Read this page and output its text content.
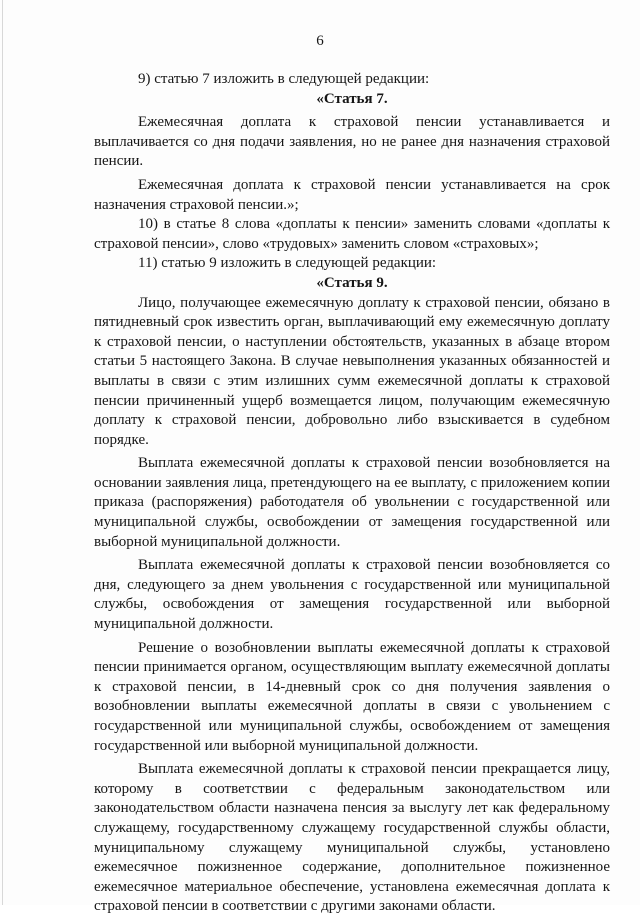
6

9) статью 7 изложить в следующей редакции:

«Статья 7.

Ежемесячная доплата к страховой пенсии устанавливается и выплачивается со дня подачи заявления, но не ранее дня назначения страховой пенсии.

Ежемесячная доплата к страховой пенсии устанавливается на срок назначения страховой пенсии.»;

10) в статье 8 слова «доплаты к пенсии» заменить словами «доплаты к страховой пенсии», слово «трудовых» заменить словом «страховых»;

11) статью 9 изложить в следующей редакции:

«Статья 9.

Лицо, получающее ежемесячную доплату к страховой пенсии, обязано в пятидневный срок известить орган, выплачивающий ему ежемесячную доплату к страховой пенсии, о наступлении обстоятельств, указанных в абзаце втором статьи 5 настоящего Закона. В случае невыполнения указанных обязанностей и выплаты в связи с этим излишних сумм ежемесячной доплаты к страховой пенсии причиненный ущерб возмещается лицом, получающим ежемесячную доплату к страховой пенсии, добровольно либо взыскивается в судебном порядке.

Выплата ежемесячной доплаты к страховой пенсии возобновляется на основании заявления лица, претендующего на ее выплату, с приложением копии приказа (распоряжения) работодателя об увольнении с государственной или муниципальной службы, освобождении от замещения государственной или выборной муниципальной должности.

Выплата ежемесячной доплаты к страховой пенсии возобновляется со дня, следующего за днем увольнения с государственной или муниципальной службы, освобождения от замещения государственной или выборной муниципальной должности.

Решение о возобновлении выплаты ежемесячной доплаты к страховой пенсии принимается органом, осуществляющим выплату ежемесячной доплаты к страховой пенсии, в 14-дневный срок со дня получения заявления о возобновлении выплаты ежемесячной доплаты в связи с увольнением с государственной или муниципальной службы, освобождением от замещения государственной или выборной муниципальной должности.

Выплата ежемесячной доплаты к страховой пенсии прекращается лицу, которому в соответствии с федеральным законодательством или законодательством области назначена пенсия за выслугу лет как федеральному служащему, государственному служащему государственной службы области, муниципальному служащему муниципальной службы, установлено ежемесячное пожизненное содержание, дополнительное пожизненное ежемесячное материальное обеспечение, установлена ежемесячная доплата к страховой пенсии в соответствии с другими законами области.
